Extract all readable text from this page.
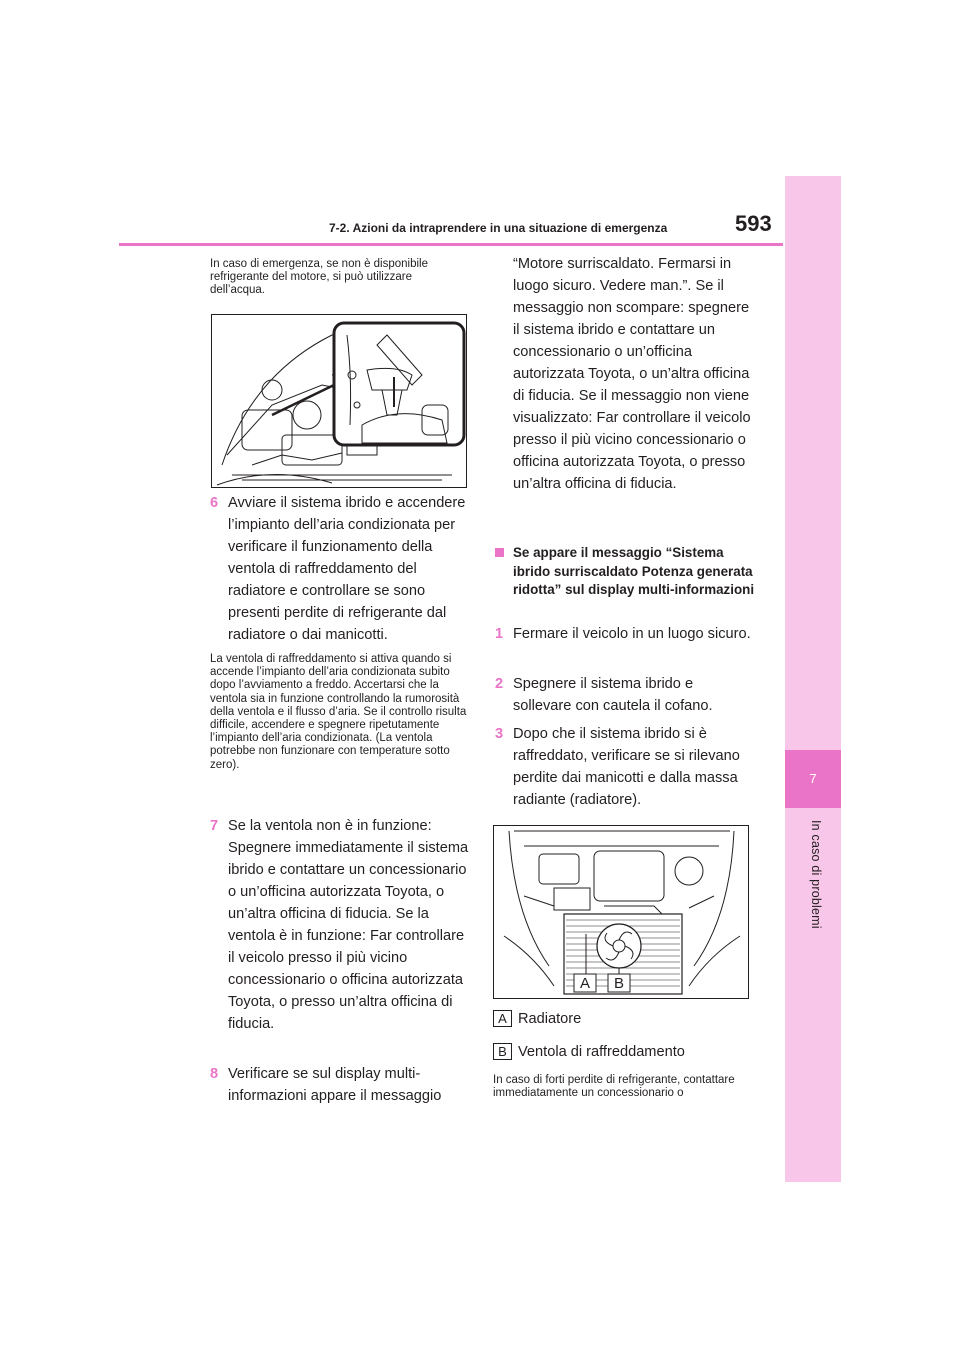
7
In caso di problemi
7-2. Azioni da intraprendere in una situazione di emergenza	593
In caso di emergenza, se non è disponibile refrigerante del motore, si può utilizzare dell’acqua.
6 Avviare il sistema ibrido e accendere l’impianto dell’aria condizionata per verificare il funzionamento della ventola di raffreddamento del radiatore e controllare se sono presenti perdite di refrigerante dal radiatore o dai manicotti.
La ventola di raffreddamento si attiva quando si accende l’impianto dell’aria condizionata subito dopo l’avviamento a freddo. Accertarsi che la ventola sia in funzione controllando la rumorosità della ventola e il flusso d’aria. Se il controllo risulta difficile, accendere e spegnere ripetutamente l’impianto dell’aria condizionata. (La ventola potrebbe non funzionare con temperature sotto zero).
7 Se la ventola non è in funzione: Spegnere immediatamente il sistema ibrido e contattare un concessionario o un’officina autorizzata Toyota, o un’altra officina di fiducia. Se la ventola è in funzione: Far controllare il veicolo presso il più vicino concessionario o officina autorizzata Toyota, o presso un’altra officina di fiducia.
8 Verificare se sul display multi-informazioni appare il messaggio
“Motore surriscaldato. Fermarsi in luogo sicuro. Vedere man.”. Se il messaggio non scompare: spegnere il sistema ibrido e contattare un concessionario o un’officina autorizzata Toyota, o un’altra officina di fiducia. Se il messaggio non viene visualizzato: Far controllare il veicolo presso il più vicino concessionario o officina autorizzata Toyota, o presso un’altra officina di fiducia.
Se appare il messaggio “Sistema ibrido surriscaldato Potenza generata ridotta” sul display multi-informazioni
1 Fermare il veicolo in un luogo sicuro.
2 Spegnere il sistema ibrido e sollevare con cautela il cofano.
3 Dopo che il sistema ibrido si è raffreddato, verificare se si rilevano perdite dai manicotti e dalla massa radiante (radiatore).
A B
A Radiatore
B Ventola di raffreddamento
In caso di forti perdite di refrigerante, contattare immediatamente un concessionario o
